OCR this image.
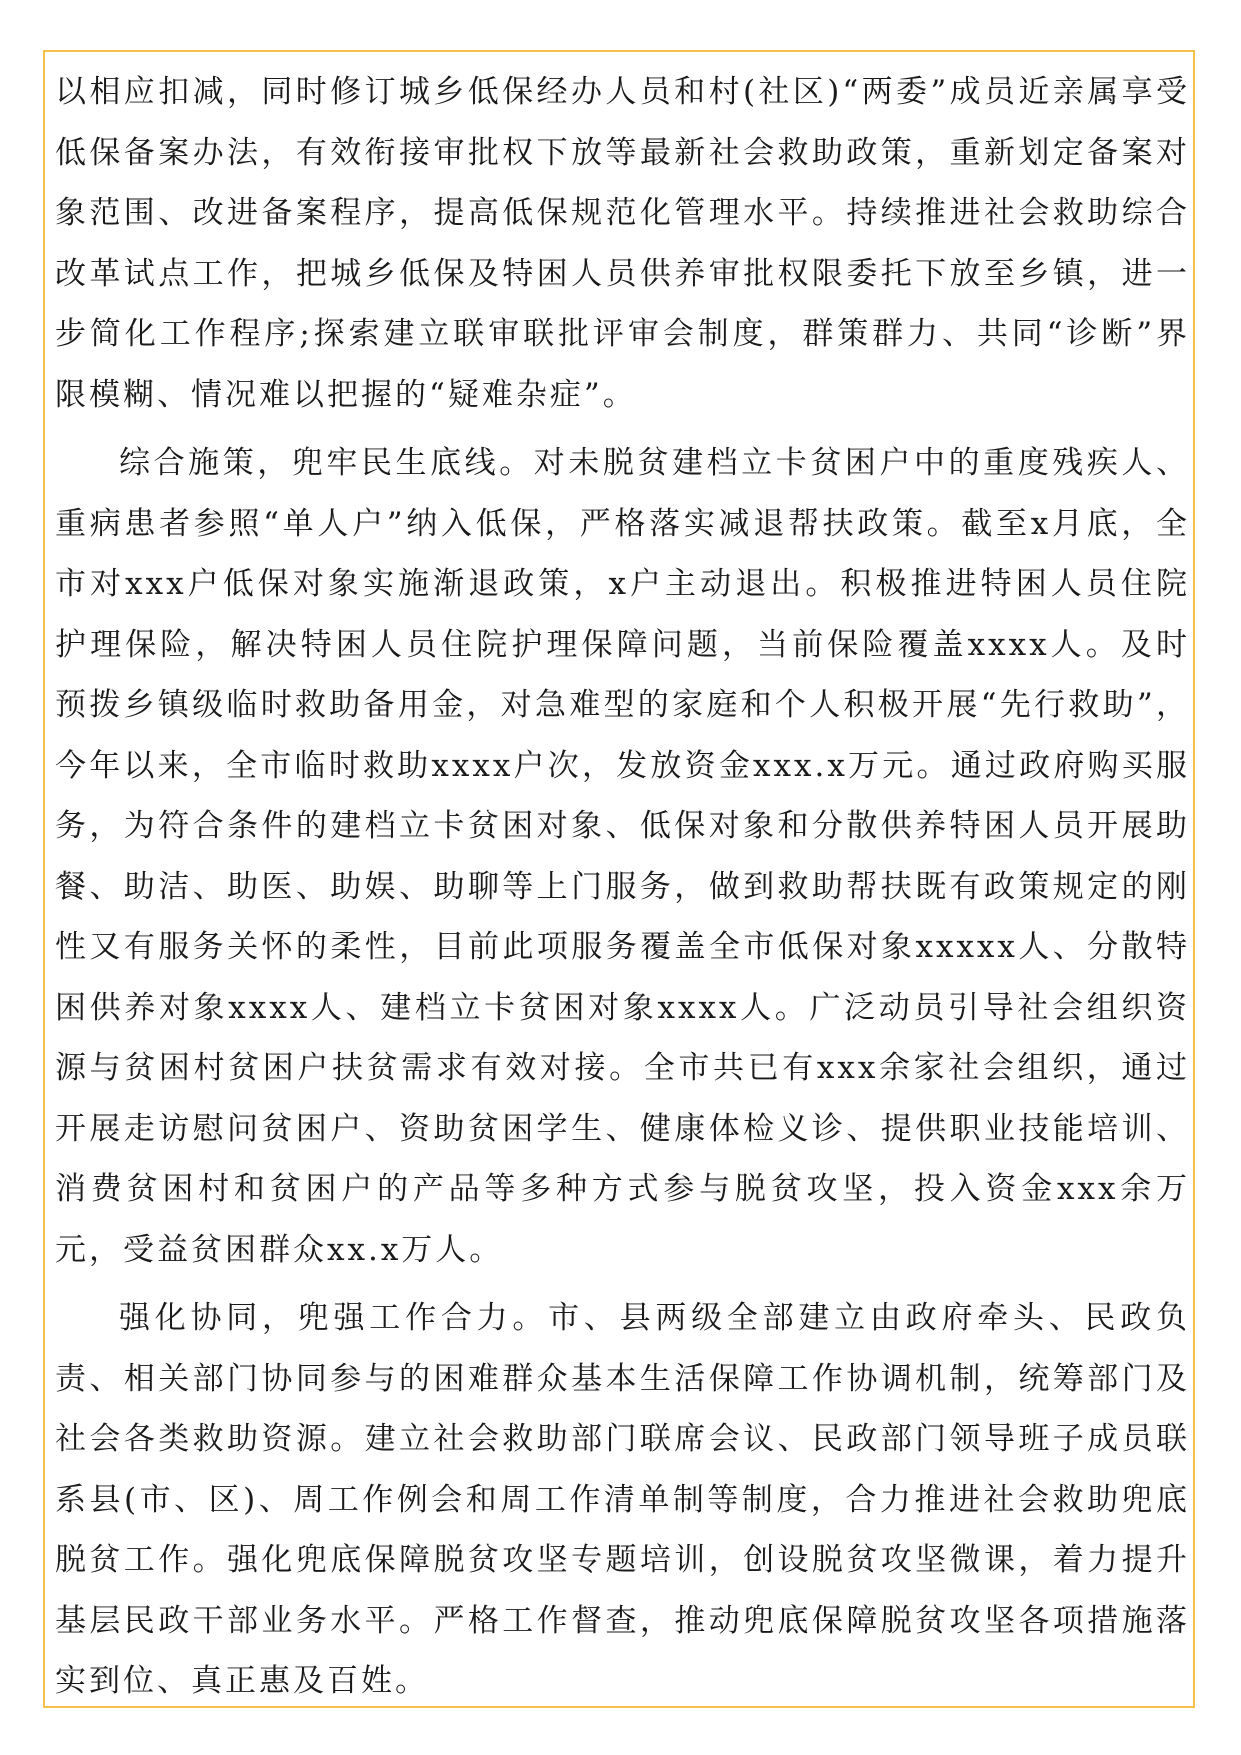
以相应扣减，同时修订城乡低保经办人员和村(社区)“两委”成员近亲属享受低保备案办法，有效衔接审批权下放等最新社会救助政策，重新划定备案对象范围、改进备案程序，提高低保规范化管理水平。持续推进社会救助综合改革试点工作，把城乡低保及特困人员供养审批权限委托下放至乡镇，进一步简化工作程序;探索建立联审联批评审会制度，群策群力、共同“诊断”界限模糊、情况难以把握的“疑难杂症”。

综合施策，兜牢民生底线。对未脱贫建档立卡贫困户中的重度残疾人、重病患者参照“单人户”纳入低保，严格落实减退帮扶政策。截至x月底，全市对xxx户低保对象实施渐退政策，x户主动退出。积极推进特困人员住院护理保险，解决特困人员住院护理保障问题，当前保险覆盖xxxx人。及时预拨乡镇级临时救助备用金，对急难型的家庭和个人积极开展“先行救助”，今年以来，全市临时救助xxxx户次，发放资金xxx.x万元。通过政府购买服务，为符合条件的建档立卡贫困对象、低保对象和分散供养特困人员开展助餐、助洁、助医、助娱、助聊等上门服务，做到救助帮扶既有政策规定的刚性又有服务关怀的柔性，目前此项服务覆盖全市低保对象xxxxx人、分散特困供养对象xxxx人、建档立卡贫困对象xxxx人。广泛动员引导社会组织资源与贫困村贫困户扶贫需求有效对接。全市共已有xxx余家社会组织，通过开展走访慰问贫困户、资助贫困学生、健康体检义诊、提供职业技能培训、消费贫困村和贫困户的产品等多种方式参与脱贫攻坚，投入资金xxx余万元，受益贫困群众xx.x万人。

强化协同，兜强工作合力。市、县两级全部建立由政府牵头、民政负责、相关部门协同参与的困难群众基本生活保障工作协调机制，统筹部门及社会各类救助资源。建立社会救助部门联席会议、民政部门领导班子成员联系县(市、区)、周工作例会和周工作清单制等制度，合力推进社会救助兜底脱贫工作。强化兜底保障脱贫攻坚专题培训，创设脱贫攻坚微课，着力提升基层民政干部业务水平。严格工作督查，推动兜底保障脱贫攻坚各项措施落实到位、真正惠及百姓。
